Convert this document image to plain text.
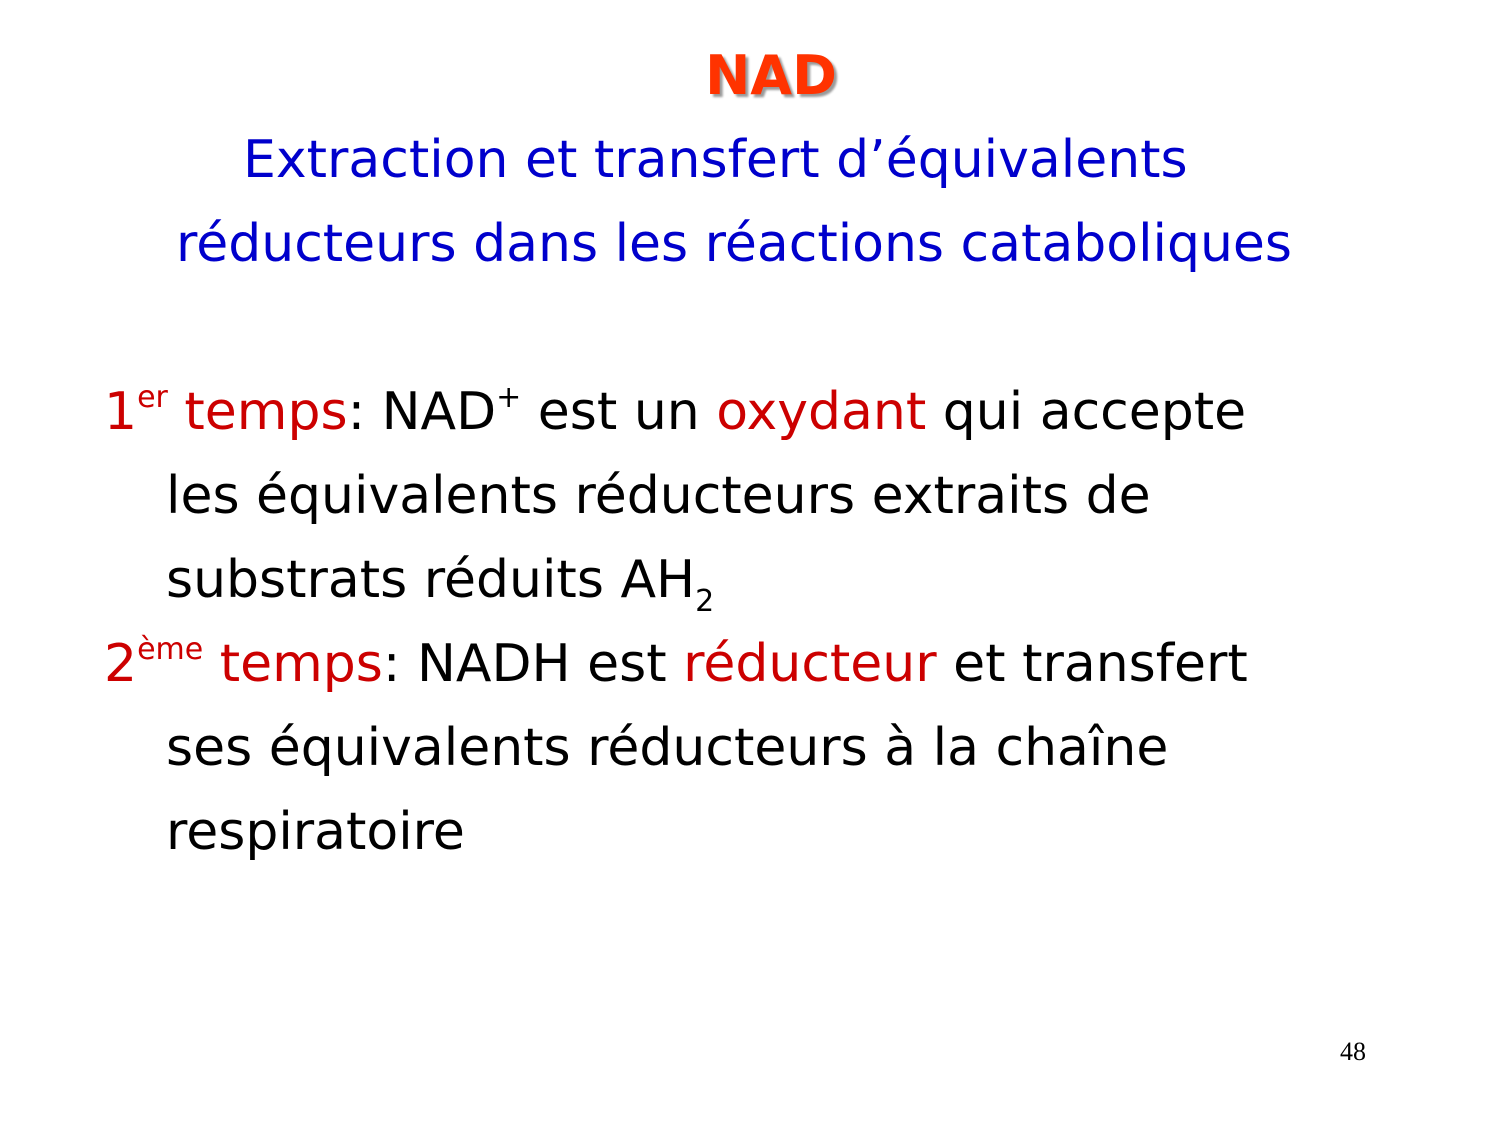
NAD
Extraction et transfert d’équivalents
réducteurs dans les réactions cataboliques
1er temps: NAD+ est un oxydant qui accepte
les équivalents réducteurs extraits de
substrats réduits $AH_2$
2ème temps: NADH est réducteur et transfert
ses équivalents réducteurs à la chaîne
respiratoire
48
